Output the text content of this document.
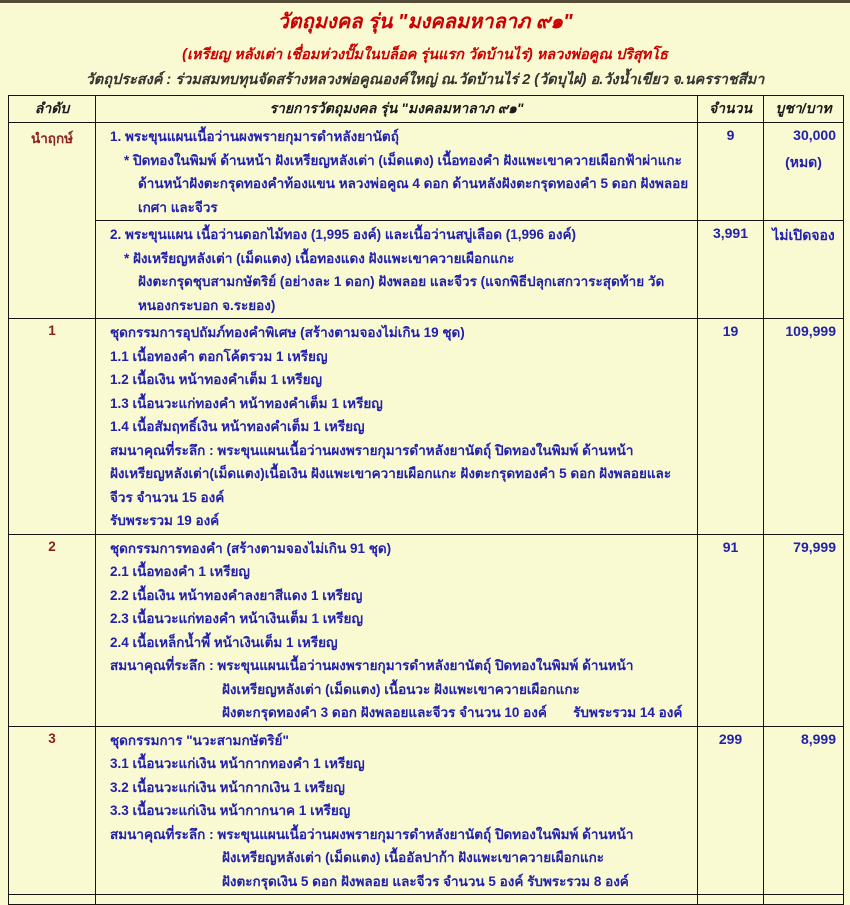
วัตถุมงคล รุ่น "มงคลมหาลาภ ๙๑"
(เหรียญ หลังเต่า เชื่อมห่วงปั๊มในบล็อค รุ่นแรก วัดบ้านไร่) หลวงพ่อคูณ ปริสุทโธ
วัตถุประสงค์ : ร่วมสมทบทุนจัดสร้างหลวงพ่อคูณองค์ใหญ่ ณ.วัดบ้านไร่ 2 (วัดบุไผ่) อ.วังน้ำเขียว จ.นครราชสีมา
ลำดับ	รายการวัตถุมงคล รุ่น "มงคลมหาลาภ ๙๑"	จำนวน	บูชา/บาท
นำฤกษ์	1. พระขุนแผนเนื้อว่านผงพรายกุมารดำหลังยานัตถุ์
* ปิดทองในพิมพ์ ด้านหน้า ฝังเหรียญหลังเต่า (เม็ดแตง) เนื้อทองคำ ฝังแพะเขาควายเผือกฟ้าผ่าแกะ
ด้านหน้าฝังตะกรุดทองคำท้องแขน หลวงพ่อคูณ 4 ดอก ด้านหลังฝังตะกรุดทองคำ 5 ดอก ฝังพลอย เกศา และจีวร
	9	30,000
(หมด)

	2. พระขุนแผน เนื้อว่านดอกไม้ทอง (1,995 องค์) และเนื้อว่านสบู่เลือด (1,996 องค์)
* ฝังเหรียญหลังเต่า (เม็ดแตง) เนื้อทองแดง ฝังแพะเขาควายเผือกแกะ
ฝังตะกรุดชุบสามกษัตริย์ (อย่างละ 1 ดอก) ฝังพลอย และจีวร (แจกพิธีปลุกเสกวาระสุดท้าย วัดหนองกระบอก จ.ระยอง)	3,991	ไม่เปิดจอง

1	ชุดกรรมการอุปถัมภ์ทองคำพิเศษ (สร้างตามจองไม่เกิน 19 ชุด)
1.1 เนื้อทองคำ ตอกโค้ตรวม 1 เหรียญ
1.2 เนื้อเงิน หน้าทองคำเต็ม 1 เหรียญ
1.3 เนื้อนวะแก่ทองคำ หน้าทองคำเต็ม 1 เหรียญ
1.4 เนื้อสัมฤทธิ์เงิน หน้าทองคำเต็ม 1 เหรียญ
สมนาคุณที่ระลึก : พระขุนแผนเนื้อว่านผงพรายกุมารดำหลังยานัตถุ์ ปิดทองในพิมพ์ ด้านหน้า
ฝังเหรียญหลังเต่า(เม็ดแตง)เนื้อเงิน ฝังแพะเขาควายเผือกแกะ ฝังตะกรุดทองคำ 5 ดอก ฝังพลอยและจีวร จำนวน 15 องค์
รับพระรวม 19 องค์
	19	109,999

2	ชุดกรรมการทองคำ (สร้างตามจองไม่เกิน 91 ชุด)
2.1 เนื้อทองคำ 1 เหรียญ
2.2 เนื้อเงิน หน้าทองคำลงยาสีแดง 1 เหรียญ
2.3 เนื้อนวะแก่ทองคำ หน้าเงินเต็ม 1 เหรียญ
2.4 เนื้อเหล็กน้ำพี้ หน้าเงินเต็ม 1 เหรียญ
สมนาคุณที่ระลึก : พระขุนแผนเนื้อว่านผงพรายกุมารดำหลังยานัตถุ์ ปิดทองในพิมพ์ ด้านหน้า
ฝังเหรียญหลังเต่า (เม็ดแตง) เนื้อนวะ ฝังแพะเขาควายเผือกแกะ
ฝังตะกรุดทองคำ 3 ดอก ฝังพลอยและจีวร จำนวน 10 องค์       รับพระรวม 14 องค์
	91	79,999

3	ชุดกรรมการ "นวะสามกษัตริย์"
3.1 เนื้อนวะแก่เงิน หน้ากากทองคำ 1 เหรียญ
3.2 เนื้อนวะแก่เงิน หน้ากากเงิน 1 เหรียญ
3.3 เนื้อนวะแก่เงิน หน้ากากนาค 1 เหรียญ
สมนาคุณที่ระลึก : พระขุนแผนเนื้อว่านผงพรายกุมารดำหลังยานัตถุ์ ปิดทองในพิมพ์ ด้านหน้า
ฝังเหรียญหลังเต่า (เม็ดแตง) เนื้ออัลปาก้า ฝังแพะเขาควายเผือกแกะ
ฝังตะกรุดเงิน 5 ดอก ฝังพลอย และจีวร จำนวน 5 องค์ รับพระรวม 8 องค์
	299	8,999
